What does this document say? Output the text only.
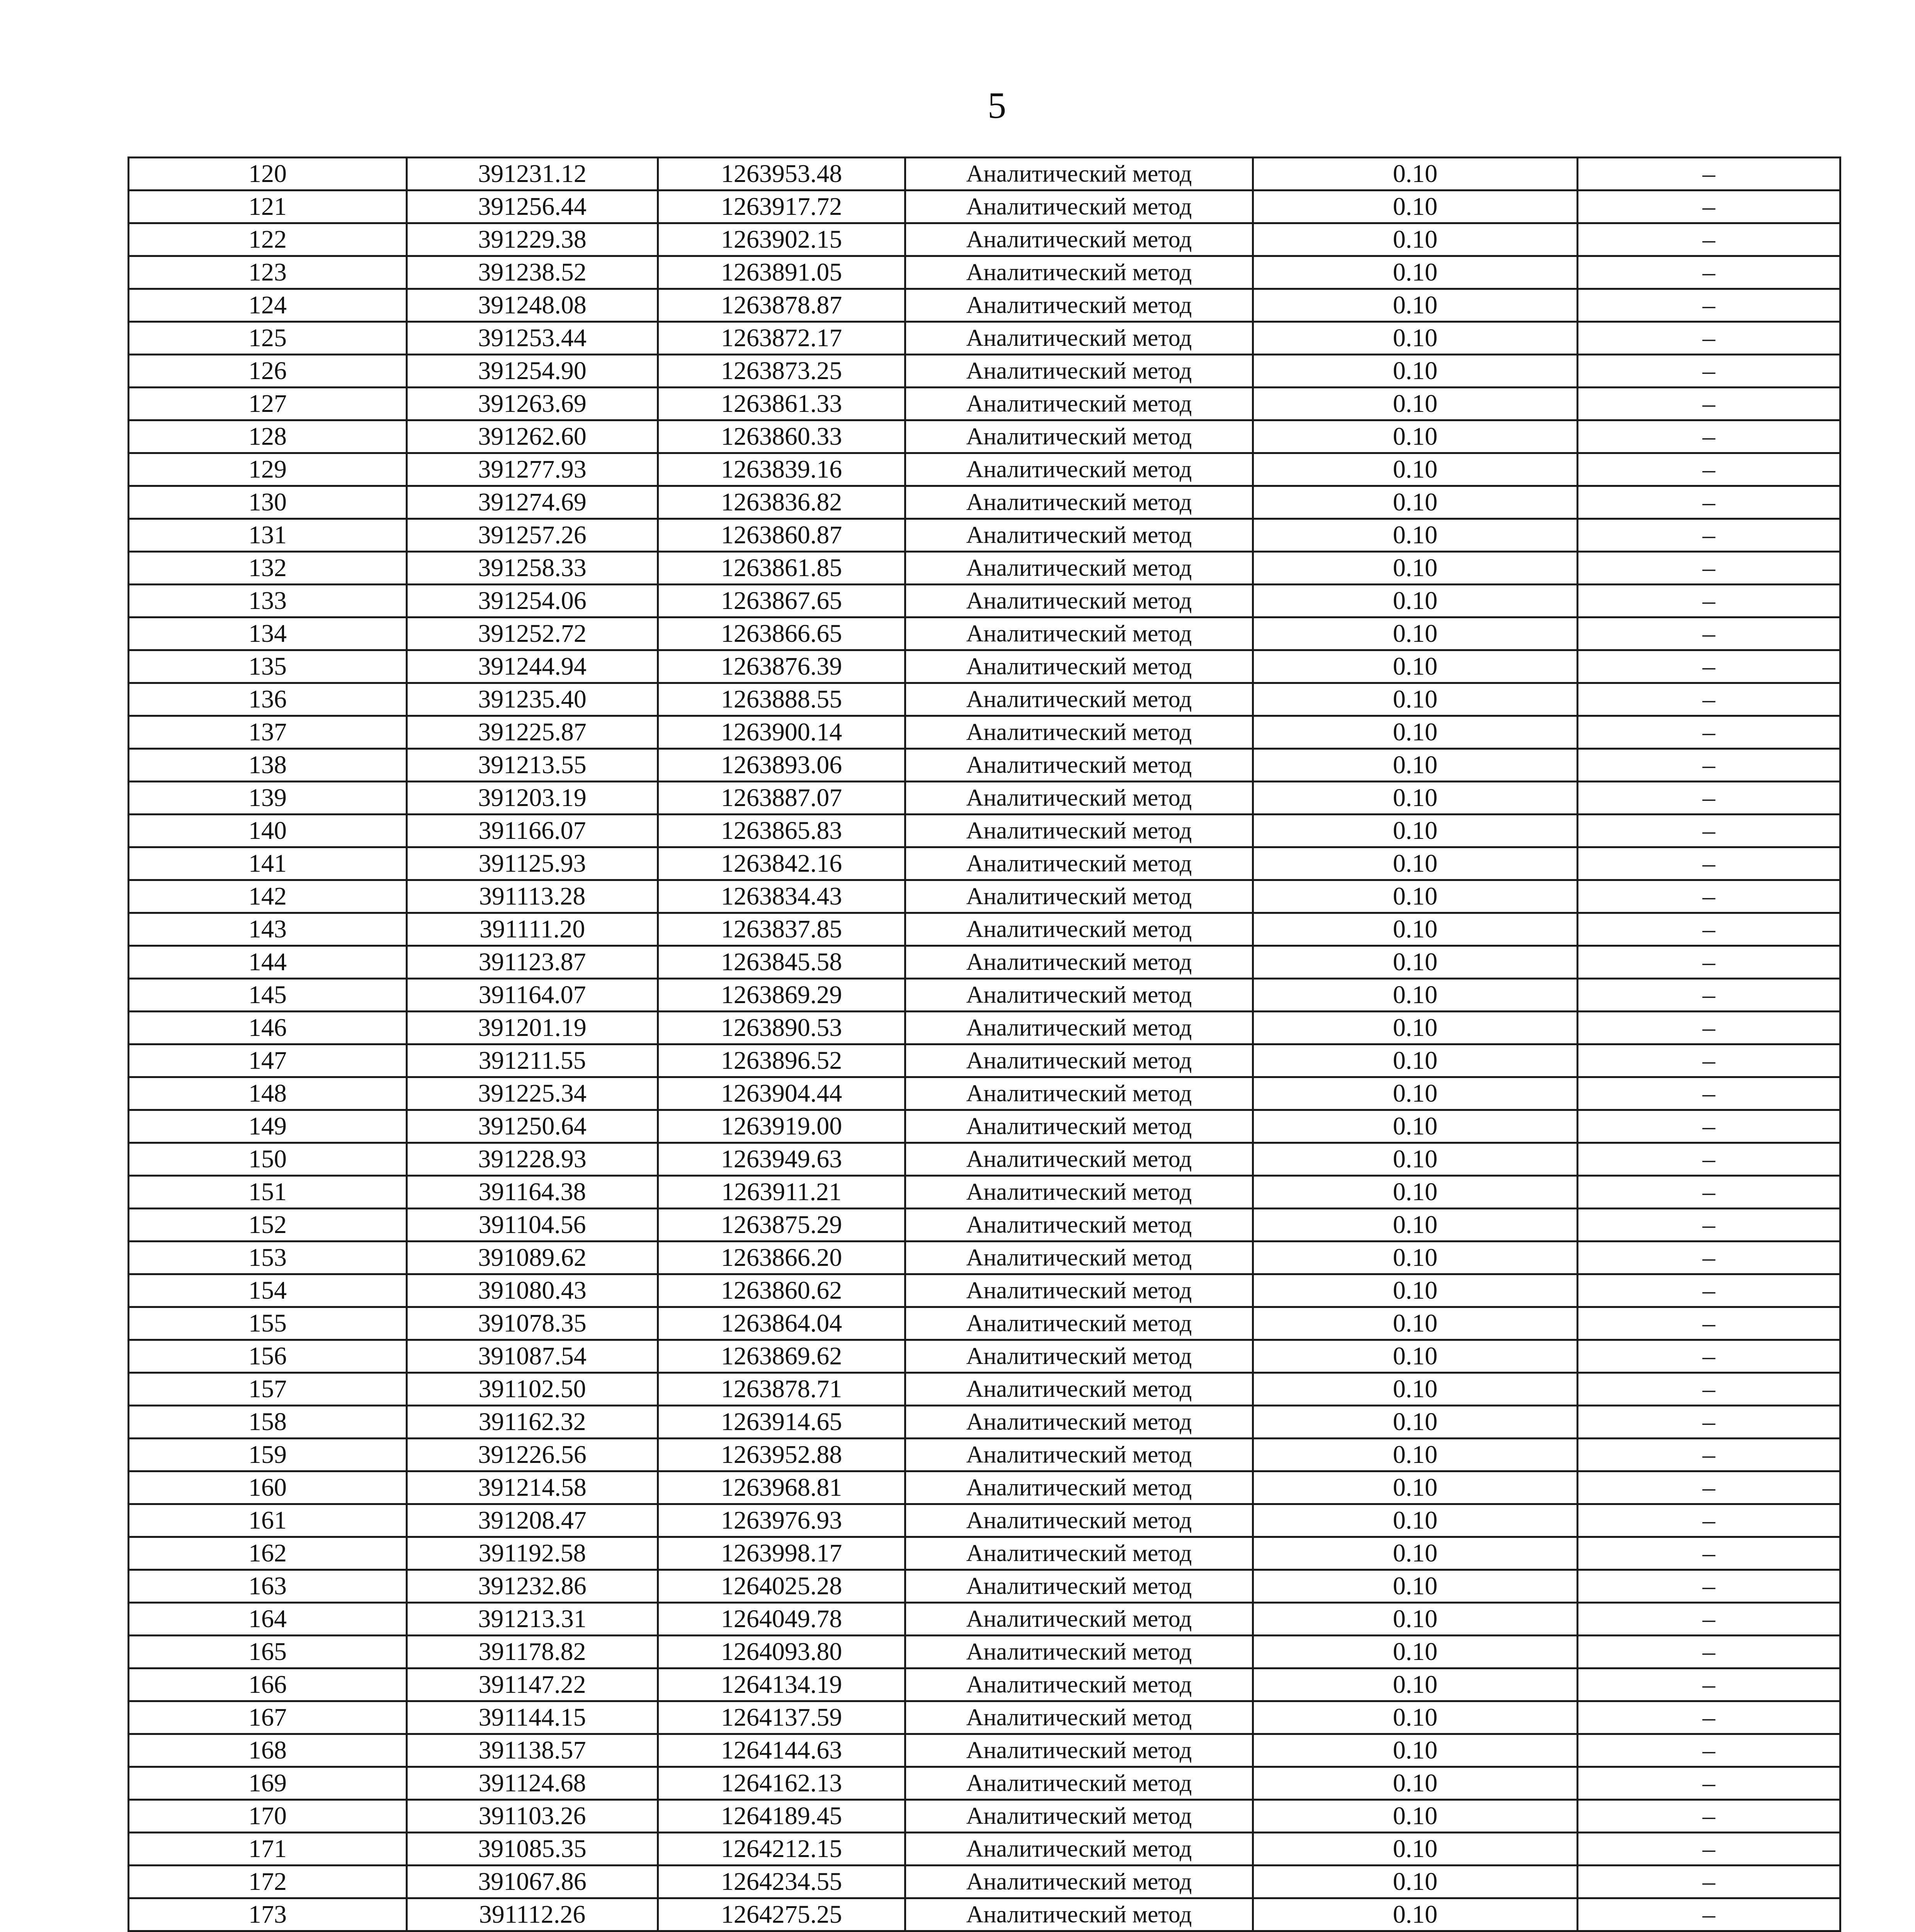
5
120	391231.12	1263953.48	Аналитический метод	0.10	–
121	391256.44	1263917.72	Аналитический метод	0.10	–
122	391229.38	1263902.15	Аналитический метод	0.10	–
123	391238.52	1263891.05	Аналитический метод	0.10	–
124	391248.08	1263878.87	Аналитический метод	0.10	–
125	391253.44	1263872.17	Аналитический метод	0.10	–
126	391254.90	1263873.25	Аналитический метод	0.10	–
127	391263.69	1263861.33	Аналитический метод	0.10	–
128	391262.60	1263860.33	Аналитический метод	0.10	–
129	391277.93	1263839.16	Аналитический метод	0.10	–
130	391274.69	1263836.82	Аналитический метод	0.10	–
131	391257.26	1263860.87	Аналитический метод	0.10	–
132	391258.33	1263861.85	Аналитический метод	0.10	–
133	391254.06	1263867.65	Аналитический метод	0.10	–
134	391252.72	1263866.65	Аналитический метод	0.10	–
135	391244.94	1263876.39	Аналитический метод	0.10	–
136	391235.40	1263888.55	Аналитический метод	0.10	–
137	391225.87	1263900.14	Аналитический метод	0.10	–
138	391213.55	1263893.06	Аналитический метод	0.10	–
139	391203.19	1263887.07	Аналитический метод	0.10	–
140	391166.07	1263865.83	Аналитический метод	0.10	–
141	391125.93	1263842.16	Аналитический метод	0.10	–
142	391113.28	1263834.43	Аналитический метод	0.10	–
143	391111.20	1263837.85	Аналитический метод	0.10	–
144	391123.87	1263845.58	Аналитический метод	0.10	–
145	391164.07	1263869.29	Аналитический метод	0.10	–
146	391201.19	1263890.53	Аналитический метод	0.10	–
147	391211.55	1263896.52	Аналитический метод	0.10	–
148	391225.34	1263904.44	Аналитический метод	0.10	–
149	391250.64	1263919.00	Аналитический метод	0.10	–
150	391228.93	1263949.63	Аналитический метод	0.10	–
151	391164.38	1263911.21	Аналитический метод	0.10	–
152	391104.56	1263875.29	Аналитический метод	0.10	–
153	391089.62	1263866.20	Аналитический метод	0.10	–
154	391080.43	1263860.62	Аналитический метод	0.10	–
155	391078.35	1263864.04	Аналитический метод	0.10	–
156	391087.54	1263869.62	Аналитический метод	0.10	–
157	391102.50	1263878.71	Аналитический метод	0.10	–
158	391162.32	1263914.65	Аналитический метод	0.10	–
159	391226.56	1263952.88	Аналитический метод	0.10	–
160	391214.58	1263968.81	Аналитический метод	0.10	–
161	391208.47	1263976.93	Аналитический метод	0.10	–
162	391192.58	1263998.17	Аналитический метод	0.10	–
163	391232.86	1264025.28	Аналитический метод	0.10	–
164	391213.31	1264049.78	Аналитический метод	0.10	–
165	391178.82	1264093.80	Аналитический метод	0.10	–
166	391147.22	1264134.19	Аналитический метод	0.10	–
167	391144.15	1264137.59	Аналитический метод	0.10	–
168	391138.57	1264144.63	Аналитический метод	0.10	–
169	391124.68	1264162.13	Аналитический метод	0.10	–
170	391103.26	1264189.45	Аналитический метод	0.10	–
171	391085.35	1264212.15	Аналитический метод	0.10	–
172	391067.86	1264234.55	Аналитический метод	0.10	–
173	391112.26	1264275.25	Аналитический метод	0.10	–
